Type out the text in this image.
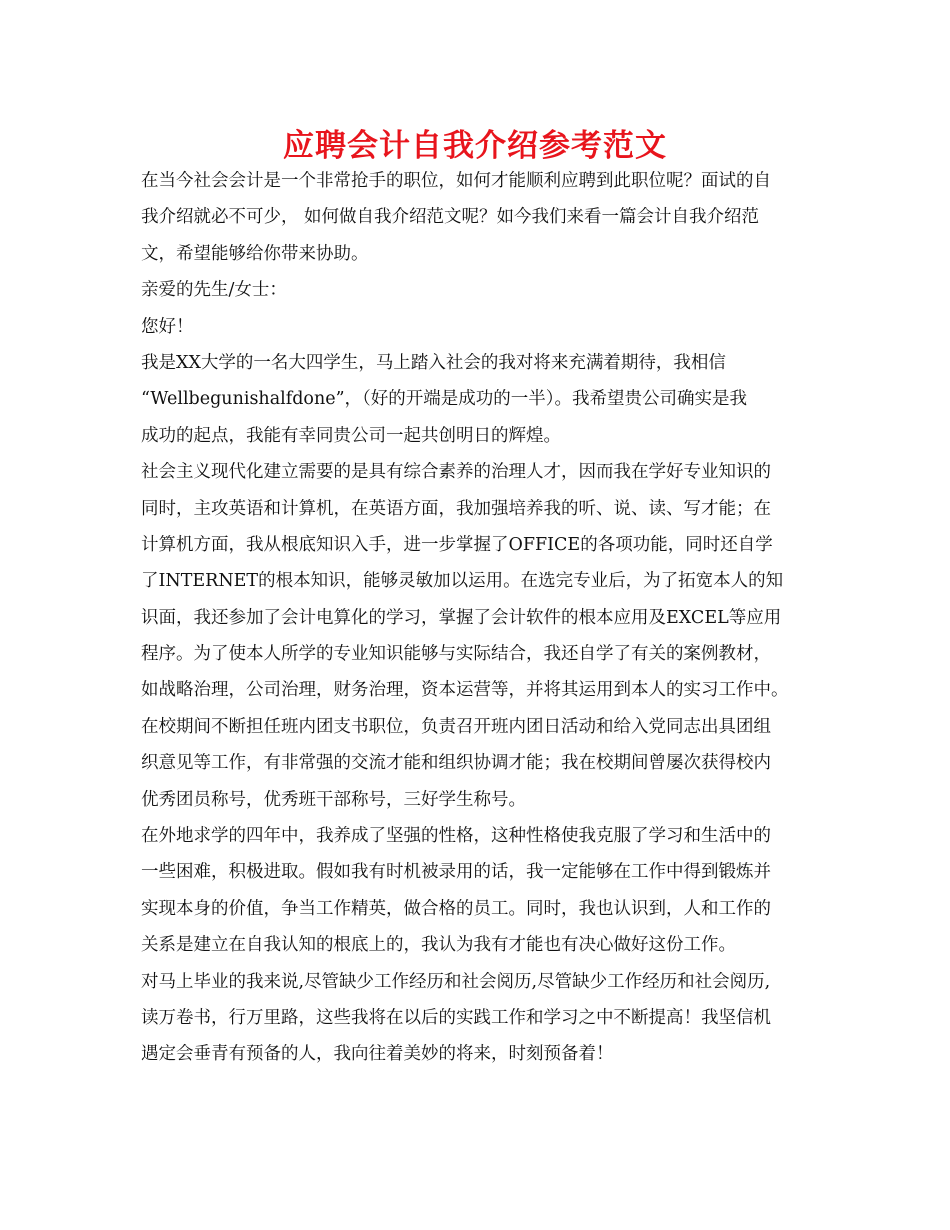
应聘会计自我介绍参考范文
在当今社会会计是一个非常抢手的职位，如何才能顺利应聘到此职位呢？面试的自
我介绍就必不可少， 如何做自我介绍范文呢？如今我们来看一篇会计自我介绍范
文，希望能够给你带来协助。
亲爱的先生/女士：
您好！
我是XX大学的一名大四学生，马上踏入社会的我对将来充满着期待，我相信
“Wellbegunishalfdone”，（好的开端是成功的一半）。我希望贵公司确实是我
成功的起点，我能有幸同贵公司一起共创明日的辉煌。
社会主义现代化建立需要的是具有综合素养的治理人才，因而我在学好专业知识的
同时，主攻英语和计算机，在英语方面，我加强培养我的听、说、读、写才能；在
计算机方面，我从根底知识入手，进一步掌握了OFFICE的各项功能，同时还自学
了INTERNET的根本知识，能够灵敏加以运用。在选完专业后，为了拓宽本人的知
识面，我还参加了会计电算化的学习，掌握了会计软件的根本应用及EXCEL等应用
程序。为了使本人所学的专业知识能够与实际结合，我还自学了有关的案例教材，
如战略治理，公司治理，财务治理，资本运营等，并将其运用到本人的实习工作中。
在校期间不断担任班内团支书职位，负责召开班内团日活动和给入党同志出具团组
织意见等工作，有非常强的交流才能和组织协调才能；我在校期间曾屡次获得校内
优秀团员称号，优秀班干部称号，三好学生称号。
在外地求学的四年中，我养成了坚强的性格，这种性格使我克服了学习和生活中的
一些困难，积极进取。假如我有时机被录用的话，我一定能够在工作中得到锻炼并
实现本身的价值，争当工作精英，做合格的员工。同时，我也认识到，人和工作的
关系是建立在自我认知的根底上的，我认为我有才能也有决心做好这份工作。
对马上毕业的我来说,尽管缺少工作经历和社会阅历,尽管缺少工作经历和社会阅历,
读万卷书，行万里路，这些我将在以后的实践工作和学习之中不断提高！我坚信机
遇定会垂青有预备的人，我向往着美妙的将来，时刻预备着！
